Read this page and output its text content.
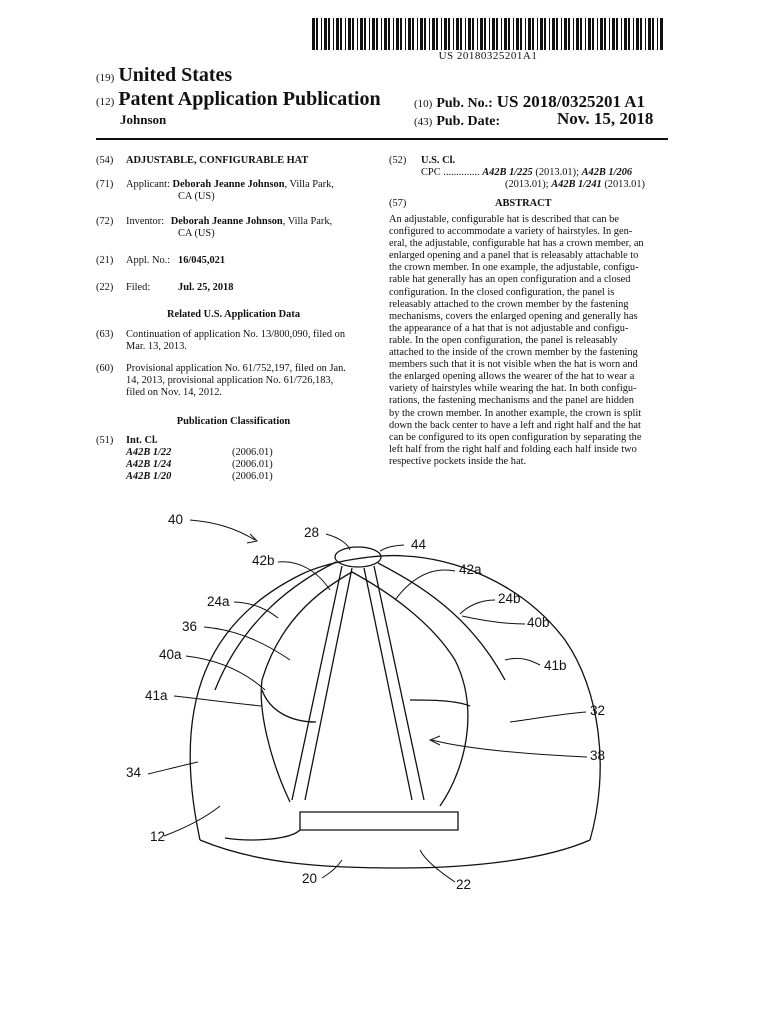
US 20180325201A1
(19) United States
(12) Patent Application Publication
Johnson
(10) Pub. No.: US 2018/0325201 A1
(43) Pub. Date:	Nov. 15, 2018
(54)	ADJUSTABLE, CONFIGURABLE HAT
(71)	Applicant: Deborah Jeanne Johnson, Villa Park,
CA (US)
(72)	Inventor: Deborah Jeanne Johnson, Villa Park,
CA (US)
(21)	Appl. No.: 16/045,021
(22)	Filed:	Jul. 25, 2018
Related U.S. Application Data
(63)	Continuation of application No. 13/800,090, filed on
Mar. 13, 2013.
(60)	Provisional application No. 61/752,197, filed on Jan.
14, 2013, provisional application No. 61/726,183,
filed on Nov. 14, 2012.
Publication Classification
(51)	Int. Cl.
A42B 1/22	(2006.01)
A42B 1/24	(2006.01)
A42B 1/20	(2006.01)
(52)	U.S. Cl.
CPC .............. A42B 1/225 (2013.01); A42B 1/206
(2013.01); A42B 1/241 (2013.01)
(57)	ABSTRACT
An adjustable, configurable hat is described that can be
configured to accommodate a variety of hairstyles. In gen-
eral, the adjustable, configurable hat has a crown member, an
enlarged opening and a panel that is releasably attachable to
the crown member. In one example, the adjustable, configu-
rable hat generally has an open configuration and a closed
configuration. In the closed configuration, the panel is
releasably attached to the crown member by the fastening
mechanisms, covers the enlarged opening and generally has
the appearance of a hat that is not adjustable and configu-
rable. In the open configuration, the panel is releasably
attached to the inside of the crown member by the fastening
members such that it is not visible when the hat is worn and
the enlarged opening allows the wearer of the hat to wear a
variety of hairstyles while wearing the hat. In both configu-
rations, the fastening mechanisms and the panel are hidden
by the crown member. In another example, the crown is split
down the back center to have a left and right half and the hat
can be configured to its open configuration by separating the
left half from the right half and folding each half inside two
respective pockets inside the hat.
40
28
44
42b
42a
24a	24b
36	40b
40a
41b
41a
32
38
34
12
20	22
